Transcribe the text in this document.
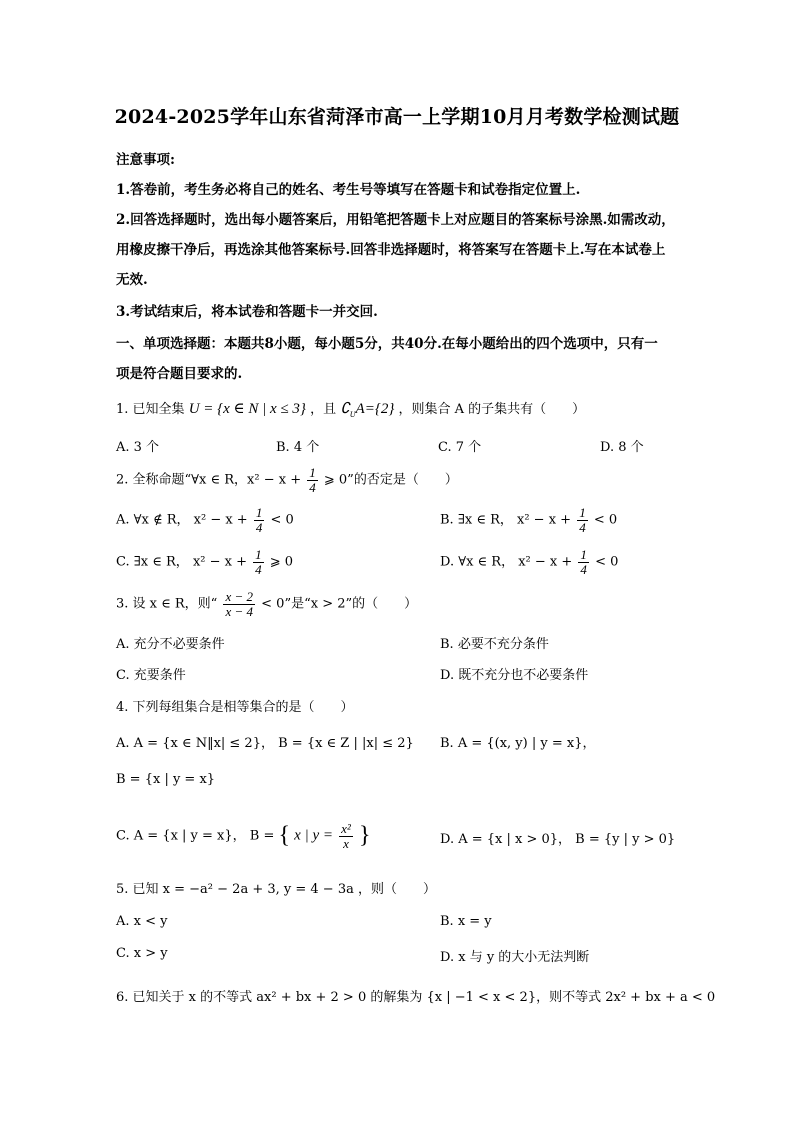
2024-2025学年山东省菏泽市高一上学期10月月考数学检测试题
注意事项:
1.答卷前，考生务必将自己的姓名、考生号等填写在答题卡和试卷指定位置上.
2.回答选择题时，选出每小题答案后，用铅笔把答题卡上对应题目的答案标号涂黑.如需改动，
用橡皮擦干净后，再选涂其他答案标号.回答非选择题时，将答案写在答题卡上.写在本试卷上
无效.
3.考试结束后，将本试卷和答题卡一并交回.
一、单项选择题：本题共8小题，每小题5分，共40分.在每小题给出的四个选项中，只有一
项是符合题目要求的.
1. 已知全集 U = {x ∈ N | x ≤ 3} ，且 $∁_UA=\{2\}$ ，则集合 A 的子集共有（　　）
A. 3 个	B. 4 个	C. 7 个	D. 8 个
2. 全称命题“∀x ∈ R，$x^2 - x + \frac{1}{4}$ ⩾ 0”的否定是（　　）
A. ∀x ∉ R， $x^2 - x + \frac{1}{4} < 0$	B. ∃x ∈ R， $x^2 - x + \frac{1}{4} < 0$
C. ∃x ∈ R， $x^2 - x + \frac{1}{4}$ ⩾ 0	D. ∀x ∈ R， $x^2 - x + \frac{1}{4} < 0$
3. 设 x ∈ R，则“ $\frac{x - 2}{x - 4} < 0$”是“x > 2”的（　　）
A. 充分不必要条件	B. 必要不充分条件
C. 充要条件	D. 既不充分也不必要条件
4. 下列每组集合是相等集合的是（　　）
A. A = {x ∈ N‖x| ≤ 2}， B = {x ∈ Z | |x| ≤ 2} B. A = {(x, y) | y = x}，
B = {x | y = x}
C. A = {x | y = x}， B = { x | $y = \frac{\text{x²}}{x}$ }	D. A = {x | x > 0}， B = {y | y > 0}
5. 已知 x = −a² − 2a + 3, y = 4 − 3a ，则（　　）
A. x < y	B. x = y
C. x > y	D. x 与 y 的大小无法判断
6. 已知关于 x 的不等式 ax² + bx + 2 > 0 的解集为 {x | −1 < x < 2}，则不等式 2x² + bx + a < 0
